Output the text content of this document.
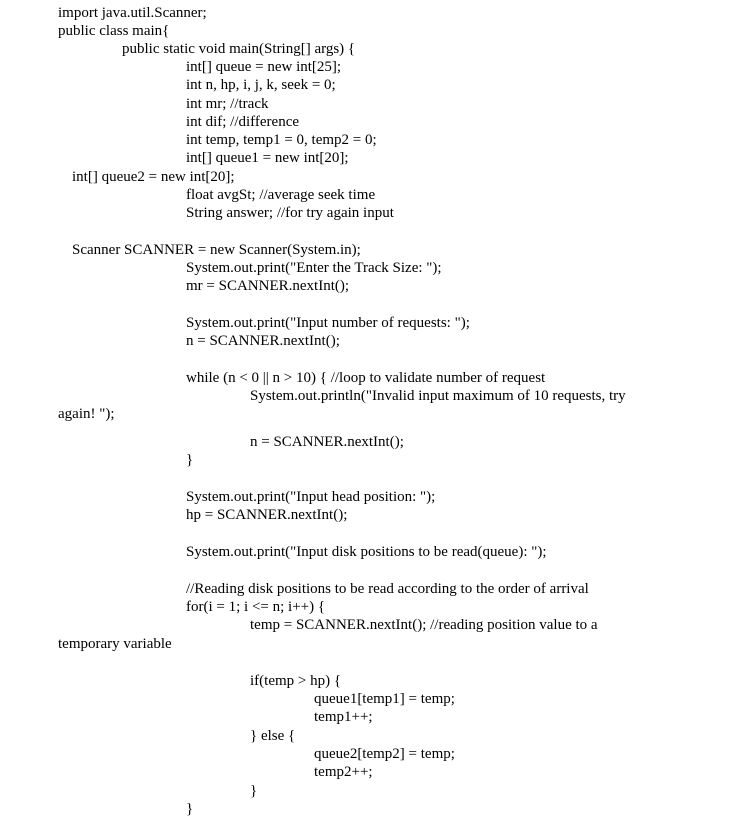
import java.util.Scanner;
public class main{
public static void main(String[] args) {
int[] queue = new int[25];
int n, hp, i, j, k, seek = 0;
int mr; //track
int dif; //difference
int temp, temp1 = 0, temp2 = 0;
int[] queue1 = new int[20];
int[] queue2 = new int[20];
float avgSt; //average seek time
String answer; //for try again input
Scanner SCANNER = new Scanner(System.in);
System.out.print("Enter the Track Size: ");
mr = SCANNER.nextInt();
System.out.print("Input number of requests: ");
n = SCANNER.nextInt();
while (n < 0 || n > 10) { //loop to validate number of request
System.out.println("Invalid input maximum of 10 requests, try
again! ");
n = SCANNER.nextInt();
}
System.out.print("Input head position: ");
hp = SCANNER.nextInt();
System.out.print("Input disk positions to be read(queue): ");
//Reading disk positions to be read according to the order of arrival
for(i = 1; i <= n; i++) {
temp = SCANNER.nextInt(); //reading position value to a
temporary variable
if(temp > hp) {
queue1[temp1] = temp;
temp1++;
} else {
queue2[temp2] = temp;
temp2++;
}
}
